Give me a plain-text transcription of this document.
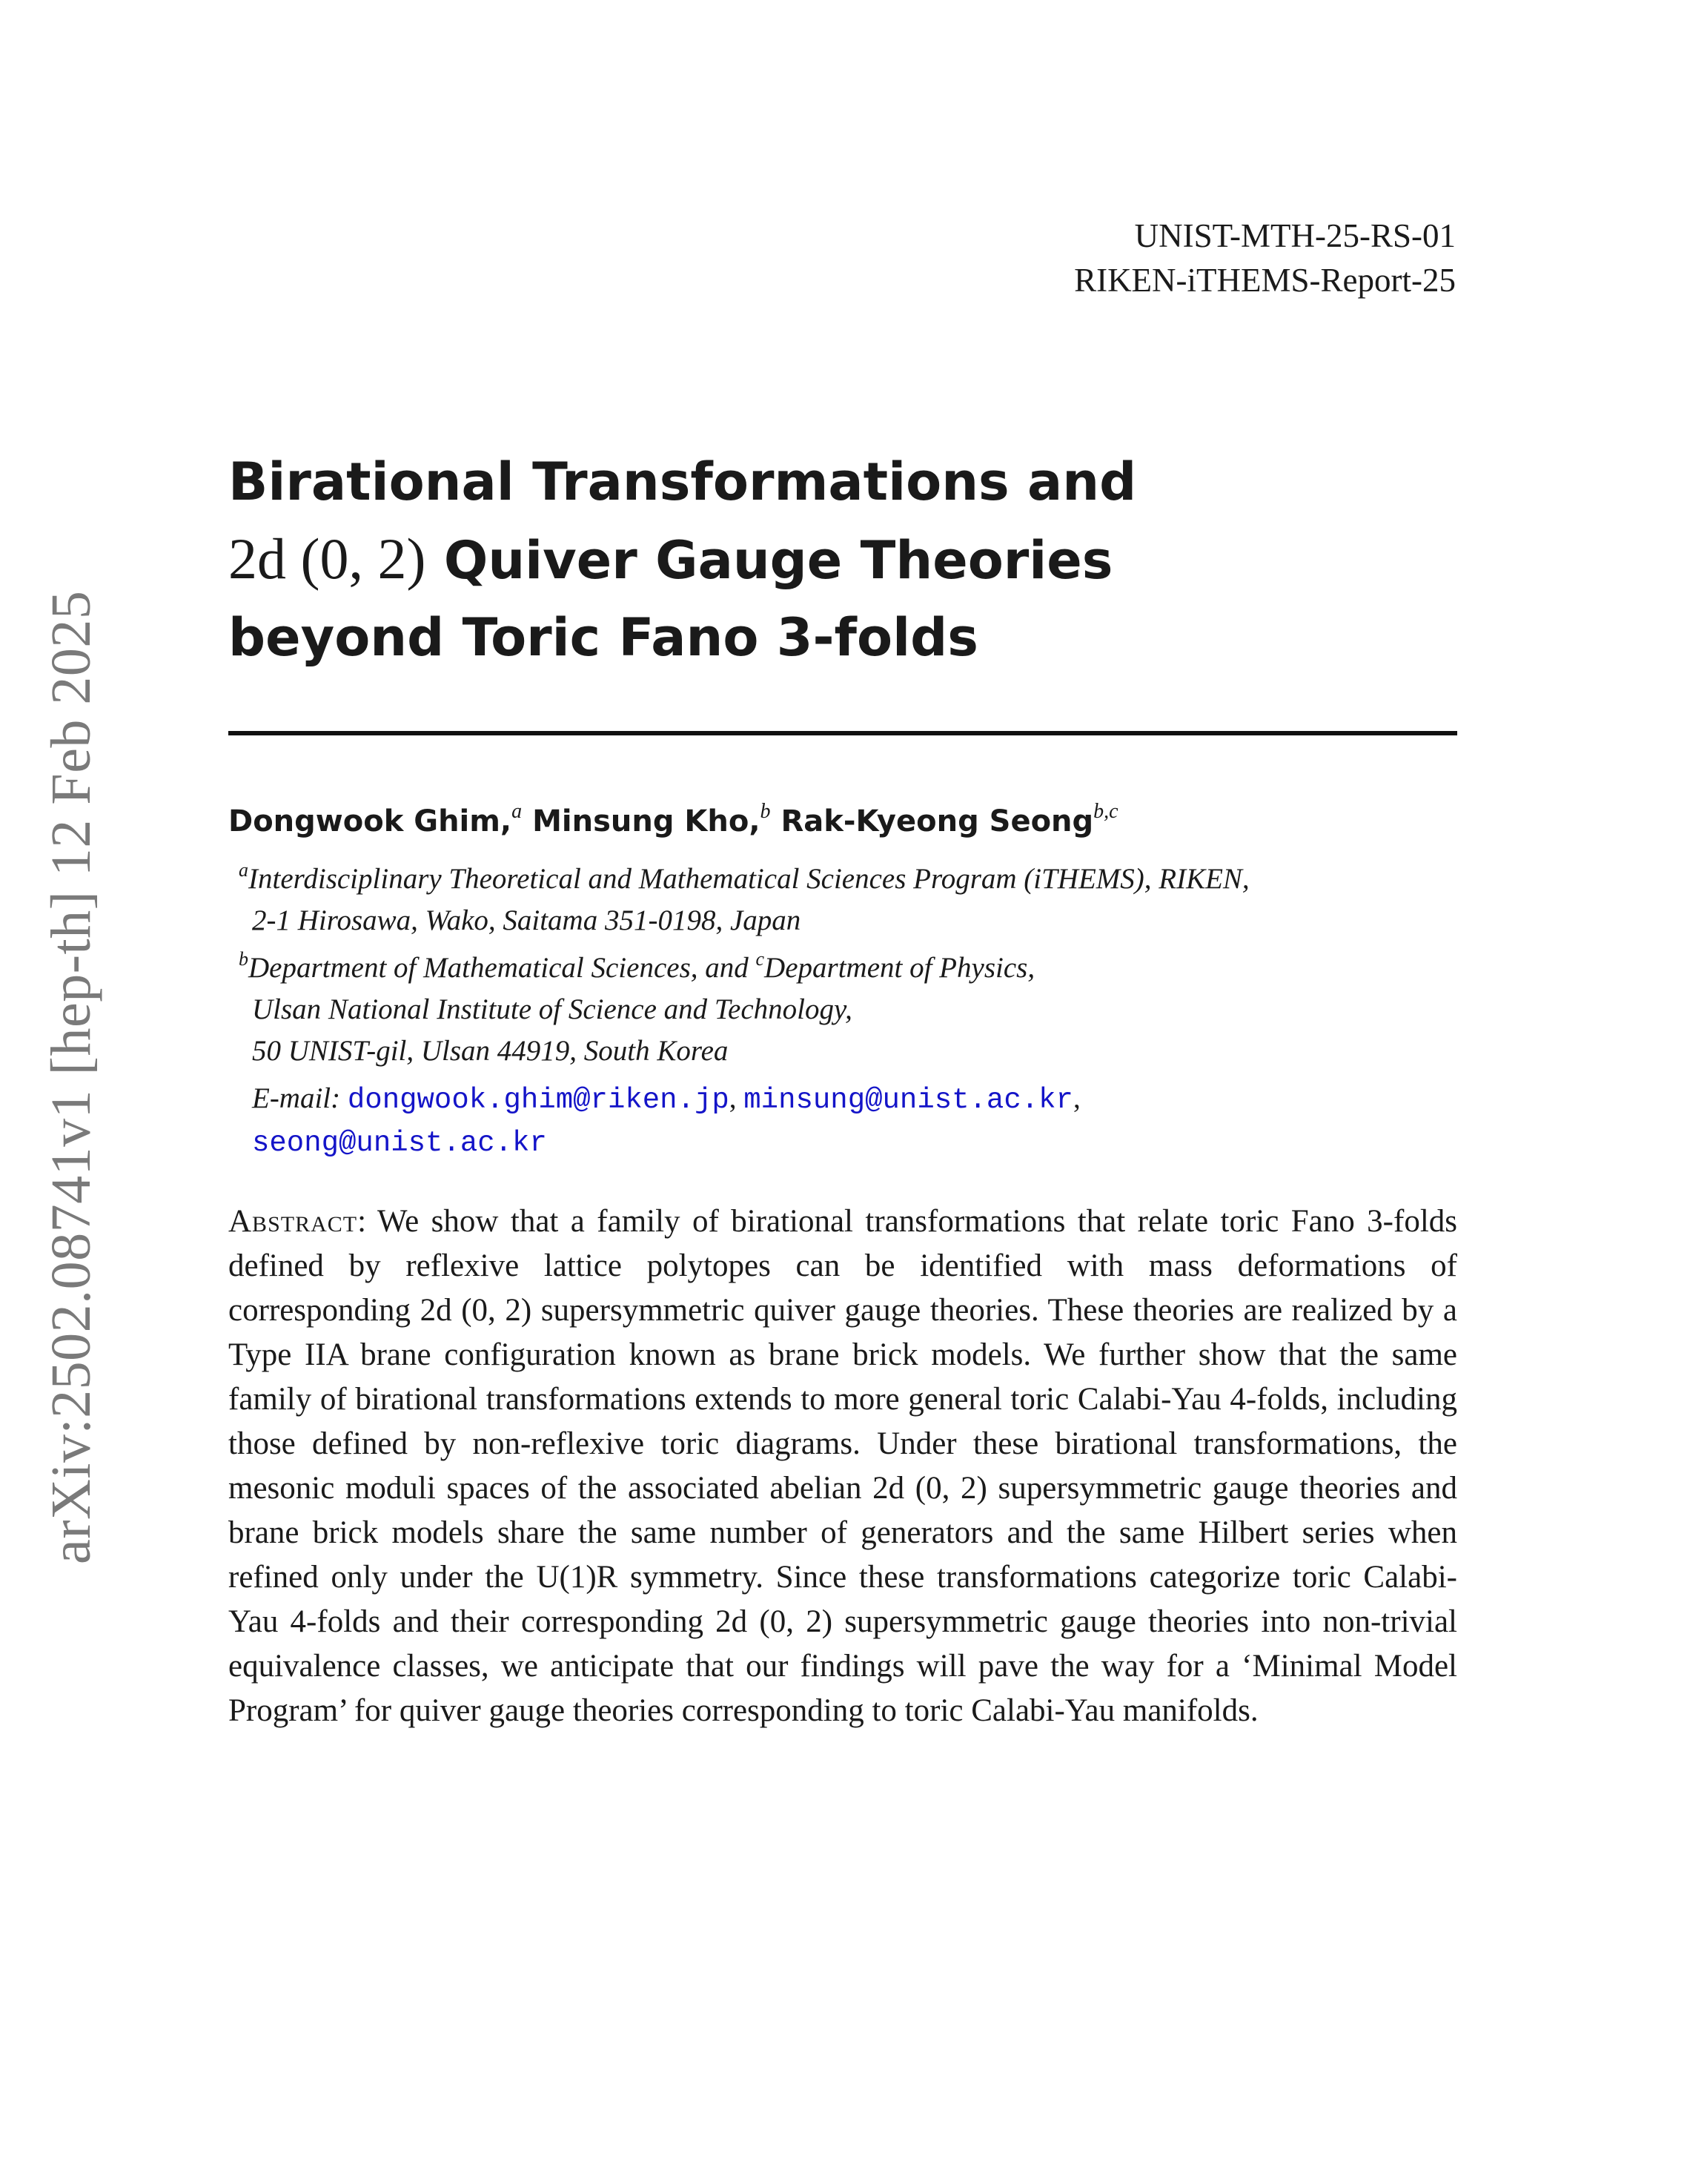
UNIST-MTH-25-RS-01
RIKEN-iTHEMS-Report-25
arXiv:2502.08741v1 [hep-th] 12 Feb 2025
Birational Transformations and
2d (0, 2) Quiver Gauge Theories
beyond Toric Fano 3-folds
Dongwook Ghim,$^a$ Minsung Kho,$^b$ Rak-Kyeong Seong$^{b,c}$
$^a$Interdisciplinary Theoretical and Mathematical Sciences Program (iTHEMS), RIKEN,
2-1 Hirosawa, Wako, Saitama 351-0198, Japan
$^b$Department of Mathematical Sciences, and $^c$Department of Physics,
Ulsan National Institute of Science and Technology,
50 UNIST-gil, Ulsan 44919, South Korea
E-mail: dongwook.ghim@riken.jp, minsung@unist.ac.kr,
seong@unist.ac.kr
Abstract: We show that a family of birational transformations that relate toric Fano 3-folds defined by reflexive lattice polytopes can be identified with mass deformations of corresponding 2d (0, 2) supersymmetric quiver gauge theories. These theories are realized by a Type IIA brane configuration known as brane brick models. We further show that the same family of birational transformations extends to more general toric Calabi-Yau 4-folds, including those defined by non-reflexive toric diagrams. Under these birational transformations, the mesonic moduli spaces of the associated abelian 2d (0, 2) supersymmetric gauge theories and brane brick models share the same number of generators and the same Hilbert series when refined only under the U(1)R symmetry. Since these transformations categorize toric Calabi-Yau 4-folds and their corresponding 2d (0, 2) supersymmetric gauge theories into non-trivial equivalence classes, we anticipate that our findings will pave the way for a ‘Minimal Model Program’ for quiver gauge theories corresponding to toric Calabi-Yau manifolds.
